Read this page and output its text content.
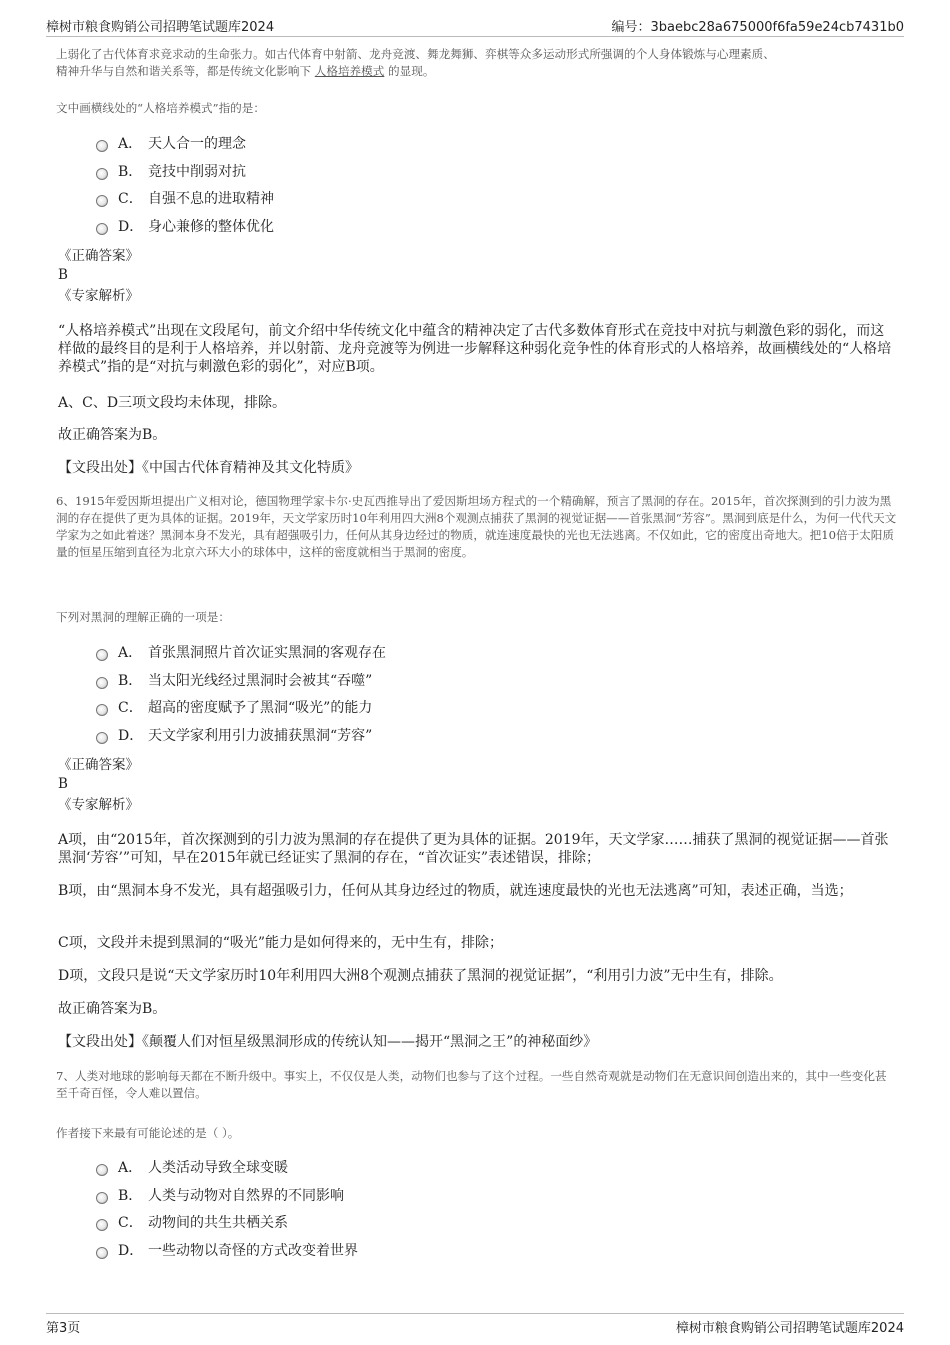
樟树市粮食购销公司招聘笔试题库2024	编号：3baebc28a675000f6fa59e24cb7431b0
上弱化了古代体育求竞求动的生命张力。如古代体育中射箭、龙舟竞渡、舞龙舞狮、弈棋等众多运动形式所强调的个人身体锻炼与心理素质、
精神升华与自然和谐关系等，都是传统文化影响下 人格培养模式 的显现。
文中画横线处的“人格培养模式”指的是：
A． 天人合一的理念
B． 竞技中削弱对抗
C． 自强不息的进取精神
D． 身心兼修的整体优化
《正确答案》
B
《专家解析》
“人格培养模式”出现在文段尾句，前文介绍中华传统文化中蕴含的精神决定了古代多数体育形式在竞技中对抗与刺激色彩的弱化，而这样做的最终目的是利于人格培养，并以射箭、龙舟竞渡等为例进一步解释这种弱化竞争性的体育形式的人格培养，故画横线处的“人格培养模式”指的是“对抗与刺激色彩的弱化”，对应B项。
A、C、D三项文段均未体现，排除。
故正确答案为B。
【文段出处】《中国古代体育精神及其文化特质》
6、1915年爱因斯坦提出广义相对论，德国物理学家卡尔·史瓦西推导出了爱因斯坦场方程式的一个精确解，预言了黑洞的存在。2015年，首次探测到的引力波为黑洞的存在提供了更为具体的证据。2019年，天文学家历时10年利用四大洲8个观测点捕获了黑洞的视觉证据——首张黑洞“芳容”。黑洞到底是什么，为何一代代天文学家为之如此着迷？黑洞本身不发光，具有超强吸引力，任何从其身边经过的物质，就连速度最快的光也无法逃离。不仅如此，它的密度出奇地大。把10倍于太阳质量的恒星压缩到直径为北京六环大小的球体中，这样的密度就相当于黑洞的密度。
下列对黑洞的理解正确的一项是：
A． 首张黑洞照片首次证实黑洞的客观存在
B． 当太阳光线经过黑洞时会被其“吞噬”
C． 超高的密度赋予了黑洞“吸光”的能力
D． 天文学家利用引力波捕获黑洞“芳容”
《正确答案》
B
《专家解析》
A项，由“2015年，首次探测到的引力波为黑洞的存在提供了更为具体的证据。2019年，天文学家……捕获了黑洞的视觉证据——首张黑洞‘芳容’”可知，早在2015年就已经证实了黑洞的存在，“首次证实”表述错误，排除；
B项，由“黑洞本身不发光，具有超强吸引力，任何从其身边经过的物质，就连速度最快的光也无法逃离”可知，表述正确，当选；
C项，文段并未提到黑洞的“吸光”能力是如何得来的，无中生有，排除；
D项，文段只是说“天文学家历时10年利用四大洲8个观测点捕获了黑洞的视觉证据”，“利用引力波”无中生有，排除。
故正确答案为B。
【文段出处】《颠覆人们对恒星级黑洞形成的传统认知——揭开“黑洞之王”的神秘面纱》
7、人类对地球的影响每天都在不断升级中。事实上，不仅仅是人类，动物们也参与了这个过程。一些自然奇观就是动物们在无意识间创造出来的，其中一些变化甚至千奇百怪，令人难以置信。
作者接下来最有可能论述的是（ ）。
A． 人类活动导致全球变暖
B． 人类与动物对自然界的不同影响
C． 动物间的共生共栖关系
D． 一些动物以奇怪的方式改变着世界
第3页	樟树市粮食购销公司招聘笔试题库2024
